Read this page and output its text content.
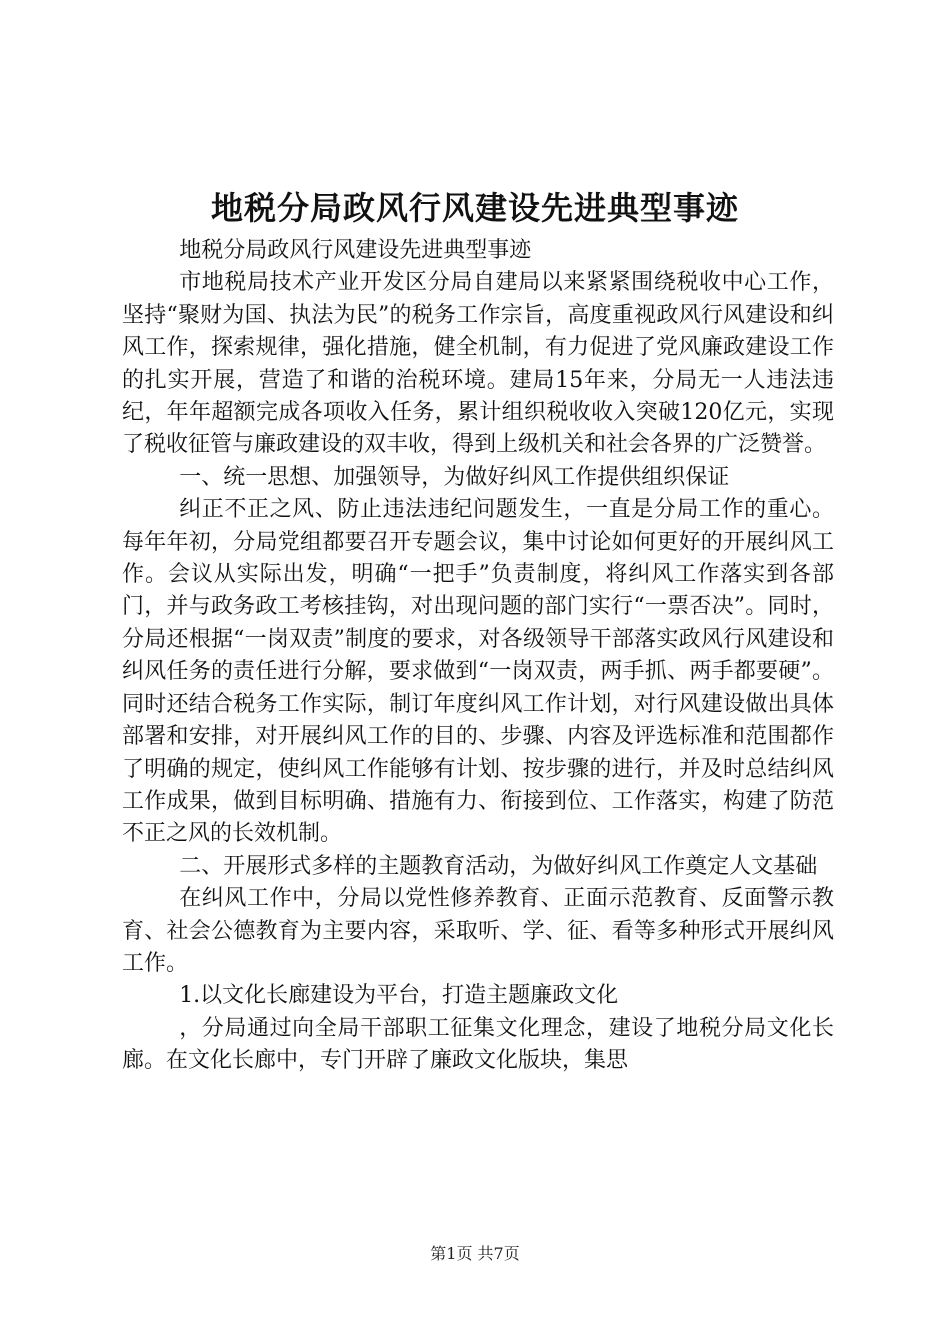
地税分局政风行风建设先进典型事迹

地税分局政风行风建设先进典型事迹

市地税局技术产业开发区分局自建局以来紧紧围绕税收中心工作，坚持“聚财为国、执法为民”的税务工作宗旨，高度重视政风行风建设和纠风工作，探索规律，强化措施，健全机制，有力促进了党风廉政建设工作的扎实开展，营造了和谐的治税环境。建局15年来，分局无一人违法违纪，年年超额完成各项收入任务，累计组织税收收入突破120亿元，实现了税收征管与廉政建设的双丰收，得到上级机关和社会各界的广泛赞誉。

一、统一思想、加强领导，为做好纠风工作提供组织保证

纠正不正之风、防止违法违纪问题发生，一直是分局工作的重心。每年年初，分局党组都要召开专题会议，集中讨论如何更好的开展纠风工作。会议从实际出发，明确“一把手”负责制度，将纠风工作落实到各部门，并与政务政工考核挂钩，对出现问题的部门实行“一票否决”。同时，分局还根据“一岗双责”制度的要求，对各级领导干部落实政风行风建设和纠风任务的责任进行分解，要求做到“一岗双责，两手抓、两手都要硬”。同时还结合税务工作实际，制订年度纠风工作计划，对行风建设做出具体部署和安排，对开展纠风工作的目的、步骤、内容及评选标准和范围都作了明确的规定，使纠风工作能够有计划、按步骤的进行，并及时总结纠风工作成果，做到目标明确、措施有力、衔接到位、工作落实，构建了防范不正之风的长效机制。

二、开展形式多样的主题教育活动，为做好纠风工作奠定人文基础

在纠风工作中，分局以党性修养教育、正面示范教育、反面警示教育、社会公德教育为主要内容，采取听、学、征、看等多种形式开展纠风工作。

1.以文化长廊建设为平台，打造主题廉政文化

，分局通过向全局干部职工征集文化理念，建设了地税分局文化长廊。在文化长廊中，专门开辟了廉政文化版块，集思

第1页 共7页
